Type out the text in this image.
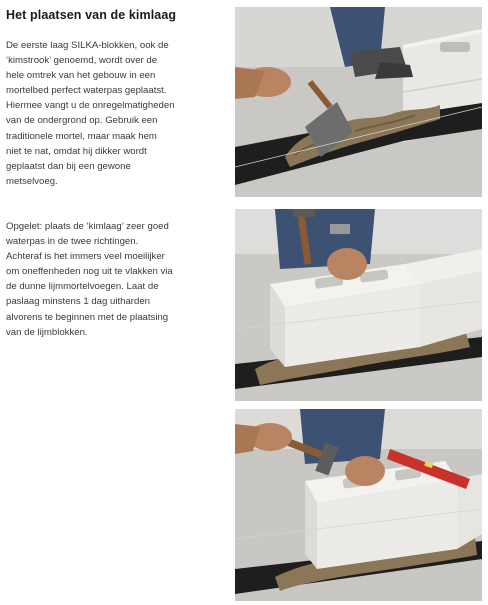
Het plaatsen van de kimlaag

De eerste laag SILKA-blokken, ook de
‘kimstrook’ genoemd, wordt over de
hele omtrek van het gebouw in een
mortelbed perfect waterpas geplaatst.
Hiermee vangt u de onregelmatigheden
van de ondergrond op. Gebruik een
traditionele mortel, maar maak hem
niet te nat, omdat hij dikker wordt
geplaatst dan bij een gewone
metselvoeg.

Opgelet: plaats de ‘kimlaag’ zeer goed
waterpas in de twee richtingen.
Achteraf is het immers veel moeilijker
om oneffenheden nog uit te vlakken via
de dunne lijmmortelvoegen. Laat de
paslaag minstens 1 dag uitharden
alvorens te beginnen met de plaatsing
van de lijmblokken.
